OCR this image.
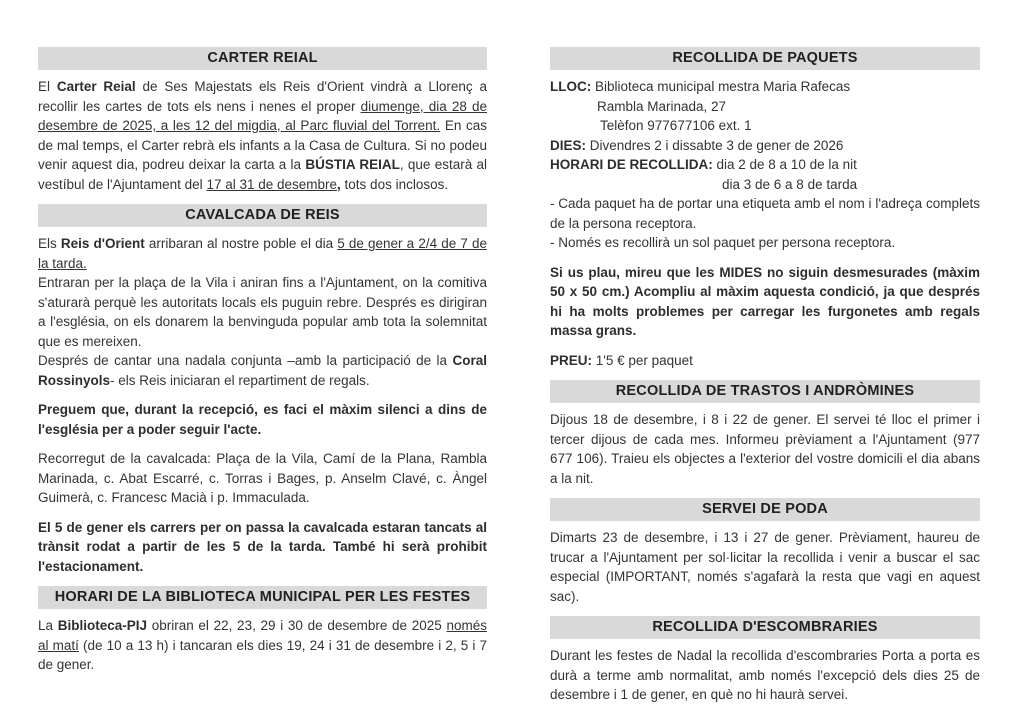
CARTER REIAL

El Carter Reial de Ses Majestats els Reis d'Orient vindrà a Llorenç a recollir les cartes de tots els nens i nenes el proper diumenge, dia 28 de desembre de 2025, a les 12 del migdia, al Parc fluvial del Torrent. En cas de mal temps, el Carter rebrà els infants a la Casa de Cultura. Si no podeu venir aquest dia, podreu deixar la carta a la BÚSTIA REIAL, que estarà al vestíbul de l'Ajuntament del 17 al 31 de desembre, tots dos inclosos.

CAVALCADA DE REIS

Els Reis d'Orient arribaran al nostre poble el dia 5 de gener a 2/4 de 7 de la tarda.
Entraran per la plaça de la Vila i aniran fins a l'Ajuntament, on la comitiva s'aturarà perquè les autoritats locals els puguin rebre. Després es dirigiran a l'església, on els donarem la benvinguda popular amb tota la solemnitat que es mereixen.
Després de cantar una nadala conjunta –amb la participació de la Coral Rossinyols- els Reis iniciaran el repartiment de regals.

Preguem que, durant la recepció, es faci el màxim silenci a dins de l'església per a poder seguir l'acte.

Recorregut de la cavalcada: Plaça de la Vila, Camí de la Plana, Rambla Marinada, c. Abat Escarré, c. Torras i Bages, p. Anselm Clavé, c. Àngel Guimerà, c. Francesc Macià i p. Immaculada.

El 5 de gener els carrers per on passa la cavalcada estaran tancats al trànsit rodat a partir de les 5 de la tarda. També hi serà prohibit l'estacionament.

HORARI DE LA BIBLIOTECA MUNICIPAL PER LES FESTES

La Biblioteca-PIJ obriran el 22, 23, 29 i 30 de desembre de 2025 només al matí (de 10 a 13 h) i tancaran els dies 19, 24 i 31 de desembre i 2, 5 i 7 de gener.

RECOLLIDA DE PAQUETS

LLOC: Biblioteca municipal mestra Maria Rafecas

Rambla Marinada, 27

Telèfon 977677106 ext. 1

DIES: Divendres 2 i dissabte 3 de gener de 2026

HORARI DE RECOLLIDA: dia 2 de 8 a 10 de la nit

dia 3 de 6 a 8 de tarda

- Cada paquet ha de portar una etiqueta amb el nom i l'adreça complets de la persona receptora.

- Només es recollirà un sol paquet per persona receptora.

Si us plau, mireu que les MIDES no siguin desmesurades (màxim 50 x 50 cm.) Acompliu al màxim aquesta condició, ja que després hi ha molts problemes per carregar les furgonetes amb regals massa grans.

PREU: 1'5 € per paquet

RECOLLIDA DE TRASTOS I ANDRÒMINES

Dijous 18 de desembre, i 8 i 22 de gener. El servei té lloc el primer i tercer dijous de cada mes. Informeu prèviament a l'Ajuntament (977 677 106). Traieu els objectes a l'exterior del vostre domicili el dia abans a la nit.

SERVEI DE PODA

Dimarts 23 de desembre, i 13 i 27 de gener. Prèviament, haureu de trucar a l'Ajuntament per sol·licitar la recollida i venir a buscar el sac especial (IMPORTANT, només s'agafarà la resta que vagi en aquest sac).

RECOLLIDA D'ESCOMBRARIES

Durant les festes de Nadal la recollida d'escombraries Porta a porta es durà a terme amb normalitat, amb només l'excepció dels dies 25 de desembre i 1 de gener, en què no hi haurà servei.
